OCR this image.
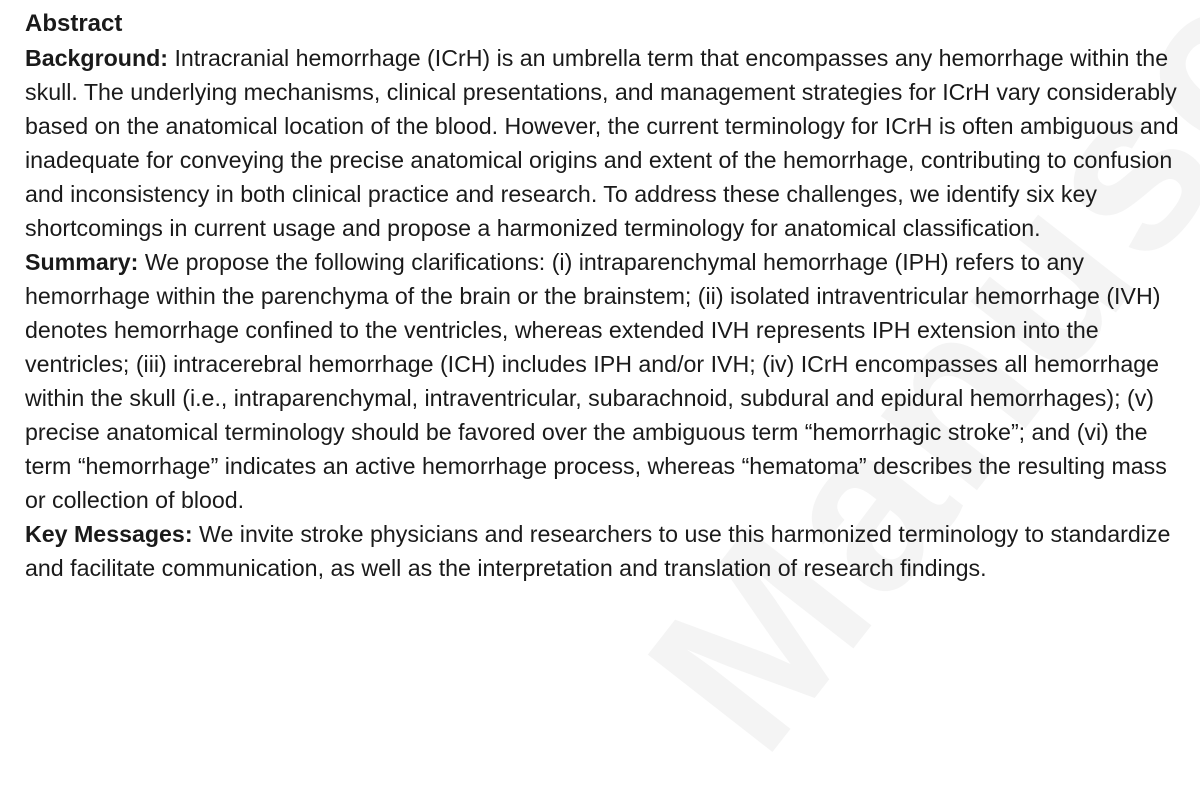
Abstract

Background: Intracranial hemorrhage (ICrH) is an umbrella term that encompasses any hemorrhage within the skull. The underlying mechanisms, clinical presentations, and management strategies for ICrH vary considerably based on the anatomical location of the blood. However, the current terminology for ICrH is often ambiguous and inadequate for conveying the precise anatomical origins and extent of the hemorrhage, contributing to confusion and inconsistency in both clinical practice and research. To address these challenges, we identify six key shortcomings in current usage and propose a harmonized terminology for anatomical classification.

Summary: We propose the following clarifications: (i) intraparenchymal hemorrhage (IPH) refers to any hemorrhage within the parenchyma of the brain or the brainstem; (ii) isolated intraventricular hemorrhage (IVH) denotes hemorrhage confined to the ventricles, whereas extended IVH represents IPH extension into the ventricles; (iii) intracerebral hemorrhage (ICH) includes IPH and/or IVH; (iv) ICrH encompasses all hemorrhage within the skull (i.e., intraparenchymal, intraventricular, subarachnoid, subdural and epidural hemorrhages); (v) precise anatomical terminology should be favored over the ambiguous term “hemorrhagic stroke”; and (vi) the term “hemorrhage” indicates an active hemorrhage process, whereas “hematoma” describes the resulting mass or collection of blood.

Key Messages: We invite stroke physicians and researchers to use this harmonized terminology to standardize and facilitate communication, as well as the interpretation and translation of research findings.
